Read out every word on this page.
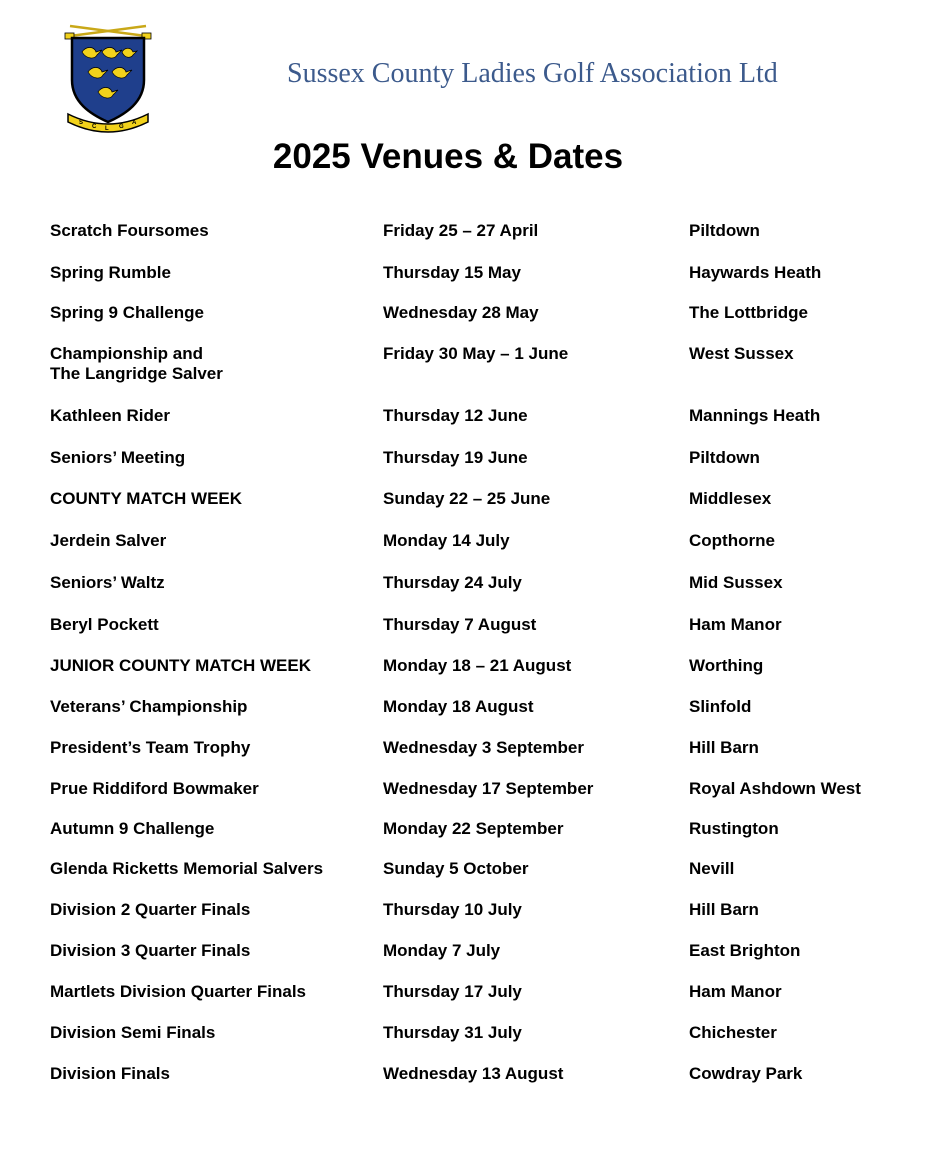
S
C L G
A
Sussex County Ladies Golf Association Ltd
2025 Venues & Dates
Scratch Foursomes	Friday 25 – 27 April	Piltdown
Spring Rumble	Thursday 15 May	Haywards Heath
Spring 9 Challenge	Wednesday 28 May	The Lottbridge
Championship and
The Langridge Salver
Friday 30 May – 1 June	West Sussex
Kathleen Rider	Thursday 12 June	Mannings Heath
Seniors’ Meeting	Thursday 19 June	Piltdown
COUNTY MATCH WEEK	Sunday 22 – 25 June	Middlesex
Jerdein Salver	Monday 14 July	Copthorne
Seniors’ Waltz	Thursday 24 July	Mid Sussex
Beryl Pockett	Thursday 7 August	Ham Manor
JUNIOR COUNTY MATCH WEEK	Monday 18 – 21 August	Worthing
Veterans’ Championship	Monday 18 August	Slinfold
President’s Team Trophy	Wednesday 3 September	Hill Barn
Prue Riddiford Bowmaker	Wednesday 17 September	Royal Ashdown West
Autumn 9 Challenge	Monday 22 September	Rustington
Glenda Ricketts Memorial Salvers	Sunday 5 October	Nevill
Division 2 Quarter Finals	Thursday 10 July	Hill Barn
Division 3 Quarter Finals	Monday 7 July	East Brighton
Martlets Division Quarter Finals	Thursday 17 July	Ham Manor
Division Semi Finals	Thursday 31 July	Chichester
Division Finals	Wednesday 13 August	Cowdray Park
